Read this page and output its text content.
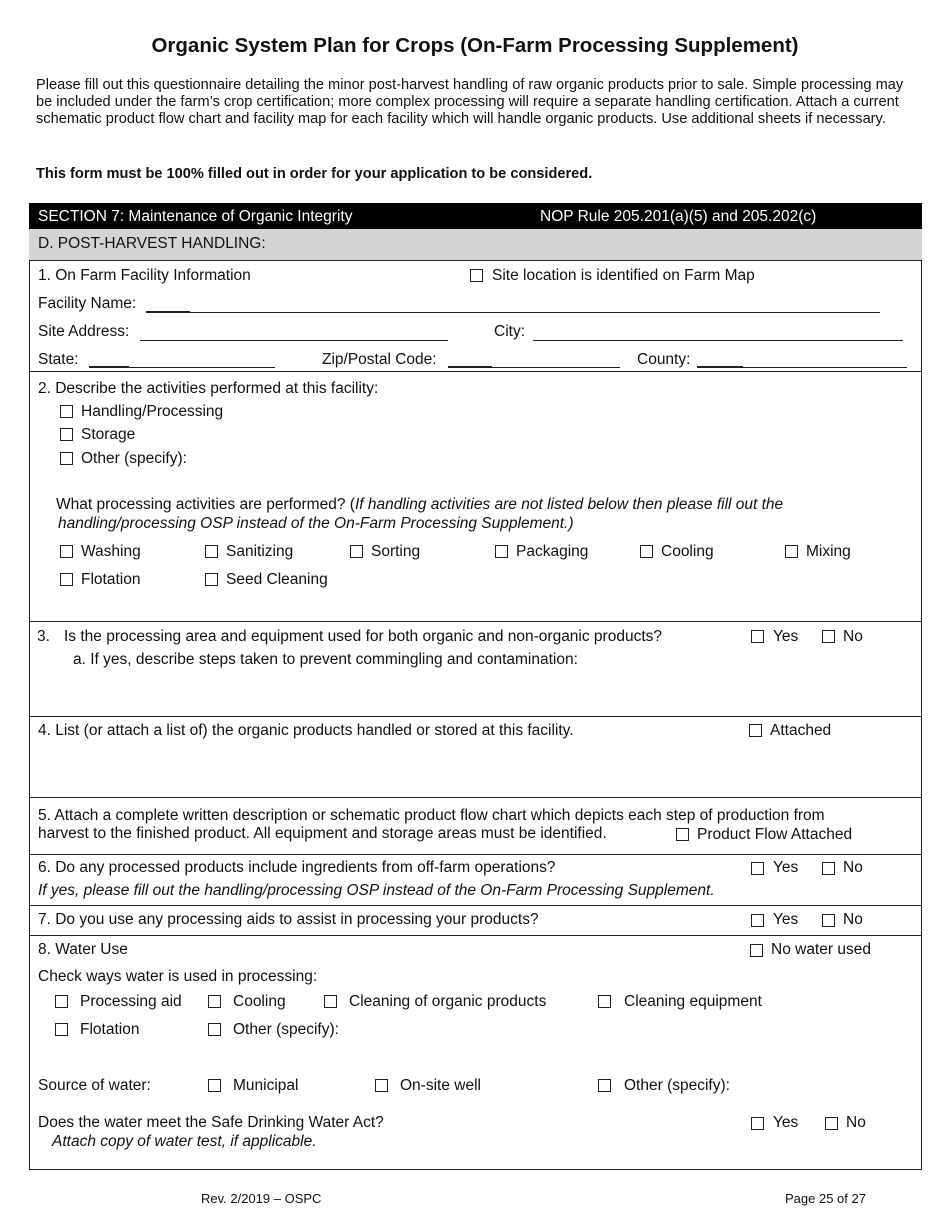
Organic System Plan for Crops (On-Farm Processing Supplement)
Please fill out this questionnaire detailing the minor post-harvest handling of raw organic products prior to sale. Simple processing may be included under the farm’s crop certification; more complex processing will require a separate handling certification. Attach a current schematic product flow chart and facility map for each facility which will handle organic products. Use additional sheets if necessary.
This form must be 100% filled out in order for your application to be considered.
SECTION 7: Maintenance of Organic Integrity	NOP Rule 205.201(a)(5) and 205.202(c)
D. POST-HARVEST HANDLING:
1. On Farm Facility Information	Site location is identified on Farm Map
Facility Name:
Site Address:	City:
State:	Zip/Postal Code:	County:
2. Describe the activities performed at this facility:
Handling/Processing
Storage
Other (specify):
What processing activities are performed? (If handling activities are not listed below then please fill out the
handling/processing OSP instead of the On-Farm Processing Supplement.)
Washing	Sanitizing	Sorting	Packaging	Cooling	Mixing
Flotation	Seed Cleaning
3. Is the processing area and equipment used for both organic and non-organic products?	Yes	No
a. If yes, describe steps taken to prevent commingling and contamination:
4. List (or attach a list of) the organic products handled or stored at this facility.	Attached
5. Attach a complete written description or schematic product flow chart which depicts each step of production from
harvest to the finished product. All equipment and storage areas must be identified.	Product Flow Attached
6. Do any processed products include ingredients from off-farm operations?	Yes	No
If yes, please fill out the handling/processing OSP instead of the On-Farm Processing Supplement.
7. Do you use any processing aids to assist in processing your products?	Yes	No
8. Water Use	No water used
Check ways water is used in processing:
Processing aid	Cooling	Cleaning of organic products	Cleaning equipment
Flotation	Other (specify):
Source of water:	Municipal	On-site well	Other (specify):
Does the water meet the Safe Drinking Water Act?
Attach copy of water test, if applicable.
Yes	No
Rev. 2/2019 – OSPC	Page 25 of 27
